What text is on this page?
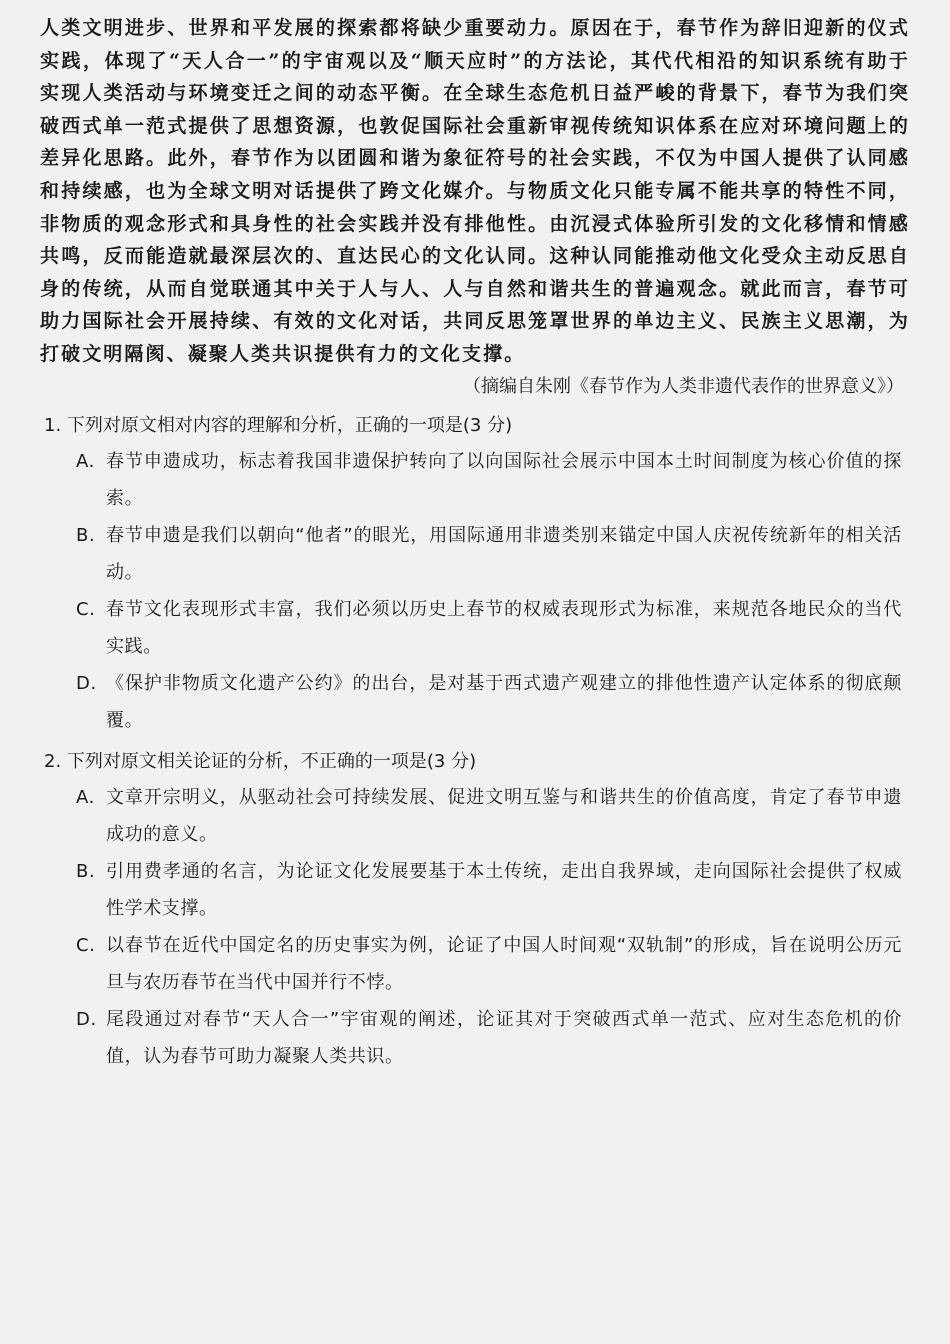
人类文明进步、世界和平发展的探索都将缺少重要动力。原因在于，春节作为辞旧迎新的仪式实践，体现了“天人合一”的宇宙观以及“顺天应时”的方法论，其代代相沿的知识系统有助于实现人类活动与环境变迁之间的动态平衡。在全球生态危机日益严峻的背景下，春节为我们突破西式单一范式提供了思想资源，也敦促国际社会重新审视传统知识体系在应对环境问题上的差异化思路。此外，春节作为以团圆和谐为象征符号的社会实践，不仅为中国人提供了认同感和持续感，也为全球文明对话提供了跨文化媒介。与物质文化只能专属不能共享的特性不同，非物质的观念形式和具身性的社会实践并没有排他性。由沉浸式体验所引发的文化移情和情感共鸣，反而能造就最深层次的、直达民心的文化认同。这种认同能推动他文化受众主动反思自身的传统，从而自觉联通其中关于人与人、人与自然和谐共生的普遍观念。就此而言，春节可助力国际社会开展持续、有效的文化对话，共同反思笼罩世界的单边主义、民族主义思潮，为打破文明隔阂、凝聚人类共识提供有力的文化支撑。

（摘编自朱刚《春节作为人类非遗代表作的世界意义》）

1. 下列对原文相对内容的理解和分析，正确的一项是(3 分)

A. 春节申遗成功，标志着我国非遗保护转向了以向国际社会展示中国本土时间制度为核心价值的探索。
B. 春节申遗是我们以朝向“他者”的眼光，用国际通用非遗类别来锚定中国人庆祝传统新年的相关活动。
C. 春节文化表现形式丰富，我们必须以历史上春节的权威表现形式为标准，来规范各地民众的当代实践。
D. 《保护非物质文化遗产公约》的出台，是对基于西式遗产观建立的排他性遗产认定体系的彻底颠覆。

2. 下列对原文相关论证的分析，不正确的一项是(3 分)

A. 文章开宗明义，从驱动社会可持续发展、促进文明互鉴与和谐共生的价值高度，肯定了春节申遗成功的意义。
B. 引用费孝通的名言，为论证文化发展要基于本土传统，走出自我界域，走向国际社会提供了权威性学术支撑。
C. 以春节在近代中国定名的历史事实为例，论证了中国人时间观“双轨制”的形成，旨在说明公历元旦与农历春节在当代中国并行不悖。
D. 尾段通过对春节“天人合一”宇宙观的阐述，论证其对于突破西式单一范式、应对生态危机的价值，认为春节可助力凝聚人类共识。
